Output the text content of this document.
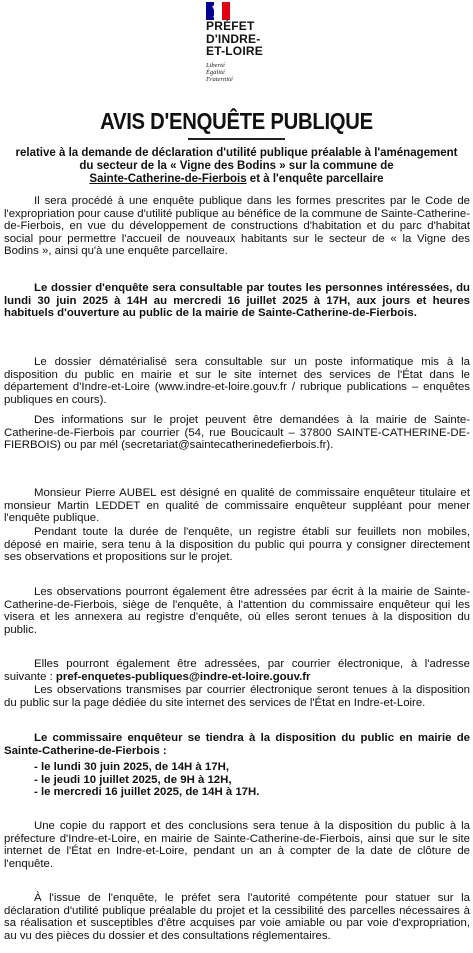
PRÉFET
D'INDRE-
ET-LOIRE
Liberté
Égalité
Fraternité
AVIS D'ENQUÊTE PUBLIQUE
relative à la demande de déclaration d'utilité publique préalable à l'aménagement
du secteur de la « Vigne des Bodins » sur la commune de
Sainte-Catherine-de-Fierbois et à l'enquête parcellaire
Il sera procédé à une enquête publique dans les formes prescrites par le Code de l'expropriation pour cause d'utilité publique au bénéfice de la commune de Sainte-Catherine-de-Fierbois, en vue du développement de constructions d'habitation et du parc d'habitat social pour permettre l'accueil de nouveaux habitants sur le secteur de « la Vigne des Bodins », ainsi qu'à une enquête parcellaire.
Le dossier d'enquête sera consultable par toutes les personnes intéressées, du lundi 30 juin 2025 à 14H au mercredi 16 juillet 2025 à 17H, aux jours et heures habituels d'ouverture au public de la mairie de Sainte-Catherine-de-Fierbois.
Le dossier dématérialisé sera consultable sur un poste informatique mis à la disposition du public en mairie et sur le site internet des services de l'État dans le département d'Indre-et-Loire (www.indre-et-loire.gouv.fr / rubrique publications – enquêtes publiques en cours).
Des informations sur le projet peuvent être demandées à la mairie de Sainte-Catherine-de-Fierbois par courrier (54, rue Boucicault – 37800 SAINTE-CATHERINE-DE-FIERBOIS) ou par mél (secretariat@saintecatherinedefierbois.fr).
Monsieur Pierre AUBEL est désigné en qualité de commissaire enquêteur titulaire et monsieur Martin LEDDET en qualité de commissaire enquêteur suppléant pour mener l'enquête publique.
Pendant toute la durée de l'enquête, un registre établi sur feuillets non mobiles, déposé en mairie, sera tenu à la disposition du public qui pourra y consigner directement ses observations et propositions sur le projet.
Les observations pourront également être adressées par écrit à la mairie de Sainte-Catherine-de-Fierbois, siège de l'enquête, à l'attention du commissaire enquêteur qui les visera et les annexera au registre d'enquête, où elles seront tenues à la disposition du public.
Elles pourront également être adressées, par courrier électronique, à l'adresse suivante : pref-enquetes-publiques@indre-et-loire.gouv.fr
Les observations transmises par courrier électronique seront tenues à la disposition du public sur la page dédiée du site internet des services de l'État en Indre-et-Loire.
Le commissaire enquêteur se tiendra à la disposition du public en mairie de Sainte-Catherine-de-Fierbois :
- le lundi 30 juin 2025, de 14H à 17H,
- le jeudi 10 juillet 2025, de 9H à 12H,
- le mercredi 16 juillet 2025, de 14H à 17H.
Une copie du rapport et des conclusions sera tenue à la disposition du public à la préfecture d'Indre-et-Loire, en mairie de Sainte-Catherine-de-Fierbois, ainsi que sur le site internet de l'État en Indre-et-Loire, pendant un an à compter de la date de clôture de l'enquête.
À l'issue de l'enquête, le préfet sera l'autorité compétente pour statuer sur la déclaration d'utilité publique préalable du projet et la cessibilité des parcelles nécessaires à sa réalisation et susceptibles d'être acquises par voie amiable ou par voie d'expropriation, au vu des pièces du dossier et des consultations réglementaires.
